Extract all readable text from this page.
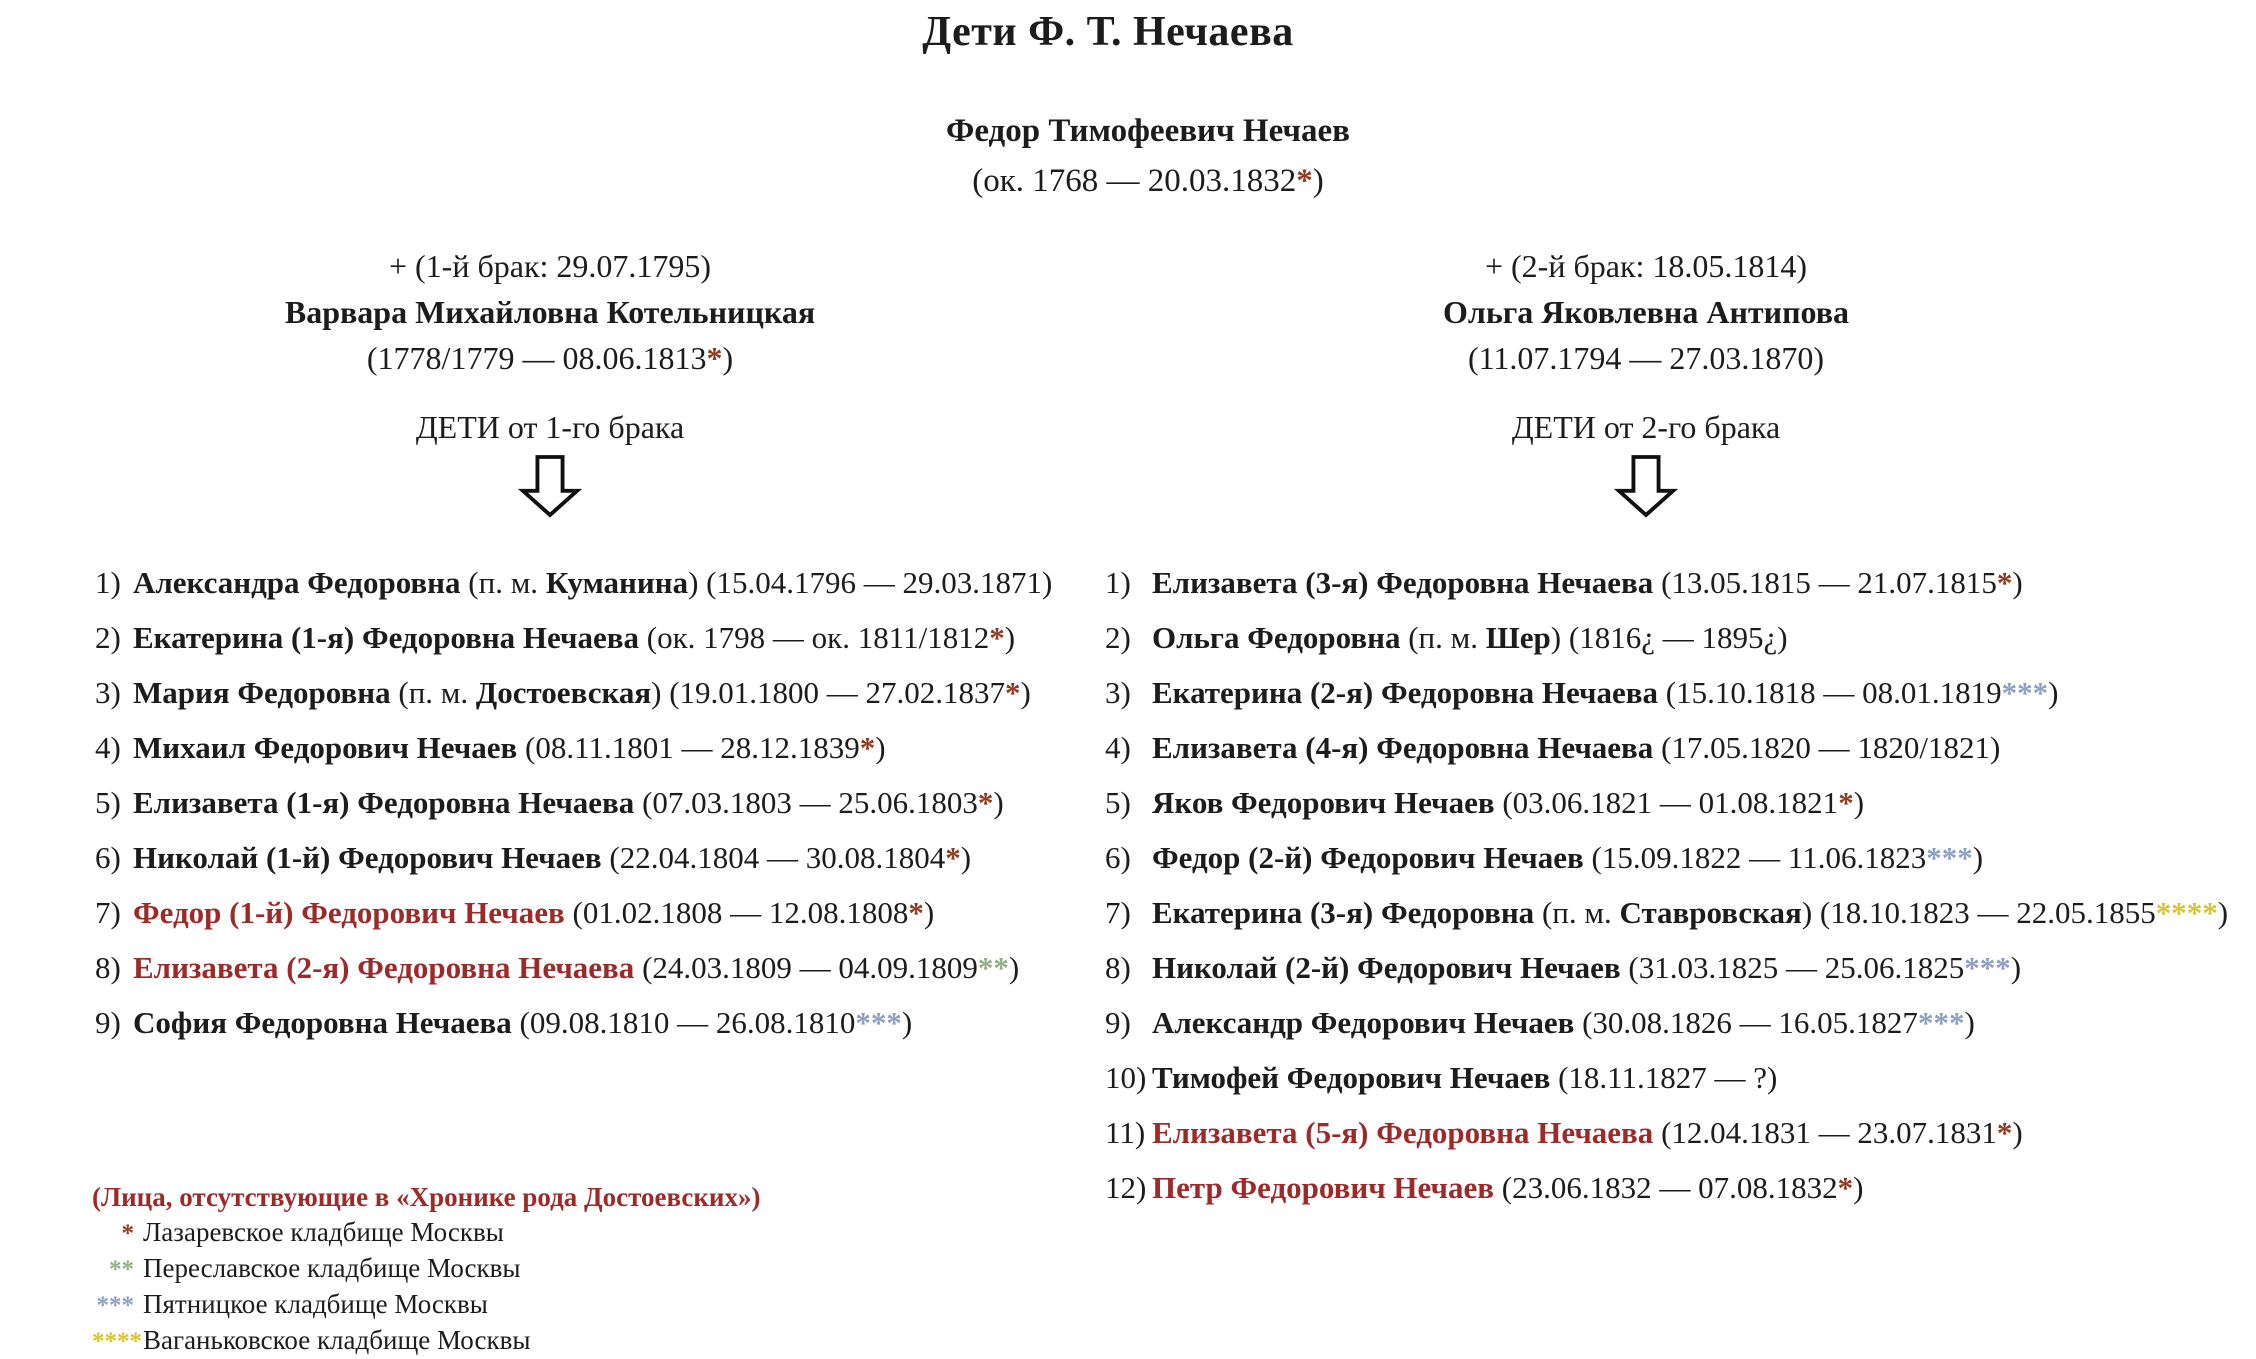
Дети Ф. Т. Нечаева
Федор Тимофеевич Нечаев
(ок. 1768 — 20.03.1832*)
+ (1-й брак: 29.07.1795)
Варвара Михайловна Котельницкая
(1778/1779 — 08.06.1813*)
ДЕТИ от 1-го брака
1) Александра Федоровна (п. м. Куманина) (15.04.1796 — 29.03.1871)
2) Екатерина (1-я) Федоровна Нечаева (ок. 1798 — ок. 1811/1812*)
3) Мария Федоровна (п. м. Достоевская) (19.01.1800 — 27.02.1837*)
4) Михаил Федорович Нечаев (08.11.1801 — 28.12.1839*)
5) Елизавета (1-я) Федоровна Нечаева (07.03.1803 — 25.06.1803*)
6) Николай (1-й) Федорович Нечаев (22.04.1804 — 30.08.1804*)
7) Федор (1-й) Федорович Нечаев (01.02.1808 — 12.08.1808*)
8) Елизавета (2-я) Федоровна Нечаева (24.03.1809 — 04.09.1809**)
9) София Федоровна Нечаева (09.08.1810 — 26.08.1810***)
+ (2-й брак: 18.05.1814)
Ольга Яковлевна Антипова
(11.07.1794 — 27.03.1870)
ДЕТИ от 2-го брака
1) Елизавета (3-я) Федоровна Нечаева (13.05.1815 — 21.07.1815*)
2) Ольга Федоровна (п. м. Шер) (1816¿ — 1895¿)
3) Екатерина (2-я) Федоровна Нечаева (15.10.1818 — 08.01.1819***)
4) Елизавета (4-я) Федоровна Нечаева (17.05.1820 — 1820/1821)
5) Яков Федорович Нечаев (03.06.1821 — 01.08.1821*)
6) Федор (2-й) Федорович Нечаев (15.09.1822 — 11.06.1823***)
7) Екатерина (3-я) Федоровна (п. м. Ставровская) (18.10.1823 — 22.05.1855****)
8) Николай (2-й) Федорович Нечаев (31.03.1825 — 25.06.1825***)
9) Александр Федорович Нечаев (30.08.1826 — 16.05.1827***)
10) Тимофей Федорович Нечаев (18.11.1827 — ?)
11) Елизавета (5-я) Федоровна Нечаева (12.04.1831 — 23.07.1831*)
12) Петр Федорович Нечаев (23.06.1832 — 07.08.1832*)
(Лица, отсутствующие в «Хронике рода Достоевских»)
* Лазаревское кладбище Москвы
** Переславское кладбище Москвы
*** Пятницкое кладбище Москвы
****Ваганьковское кладбище Москвы
